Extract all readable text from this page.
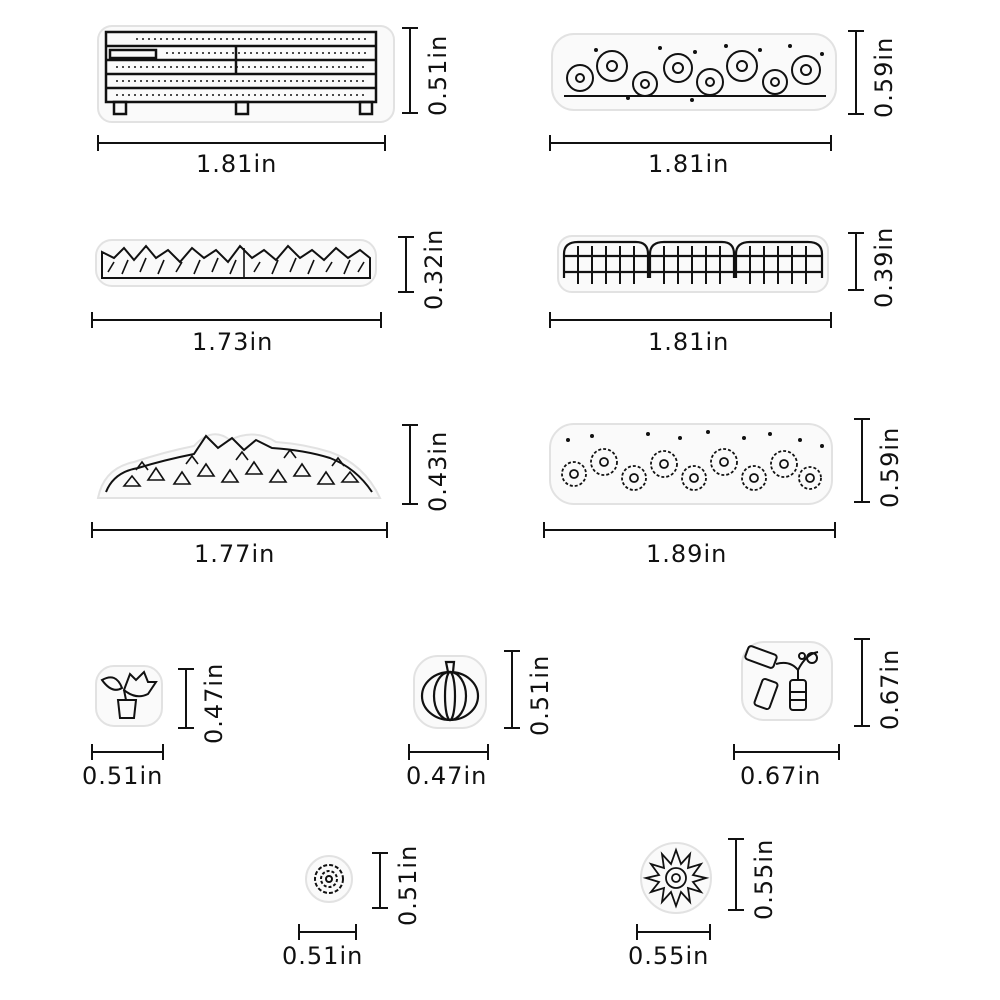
1.81in	1.81in
1.73in	1.81in
1.77in	1.89in
0.51in	0.47in	0.67in
0.51in	0.55in
0.51in	0.59in
0.32in	0.39in
0.43in	0.59in
0.47in	0.51in	0.67in
0.51in	0.55in
